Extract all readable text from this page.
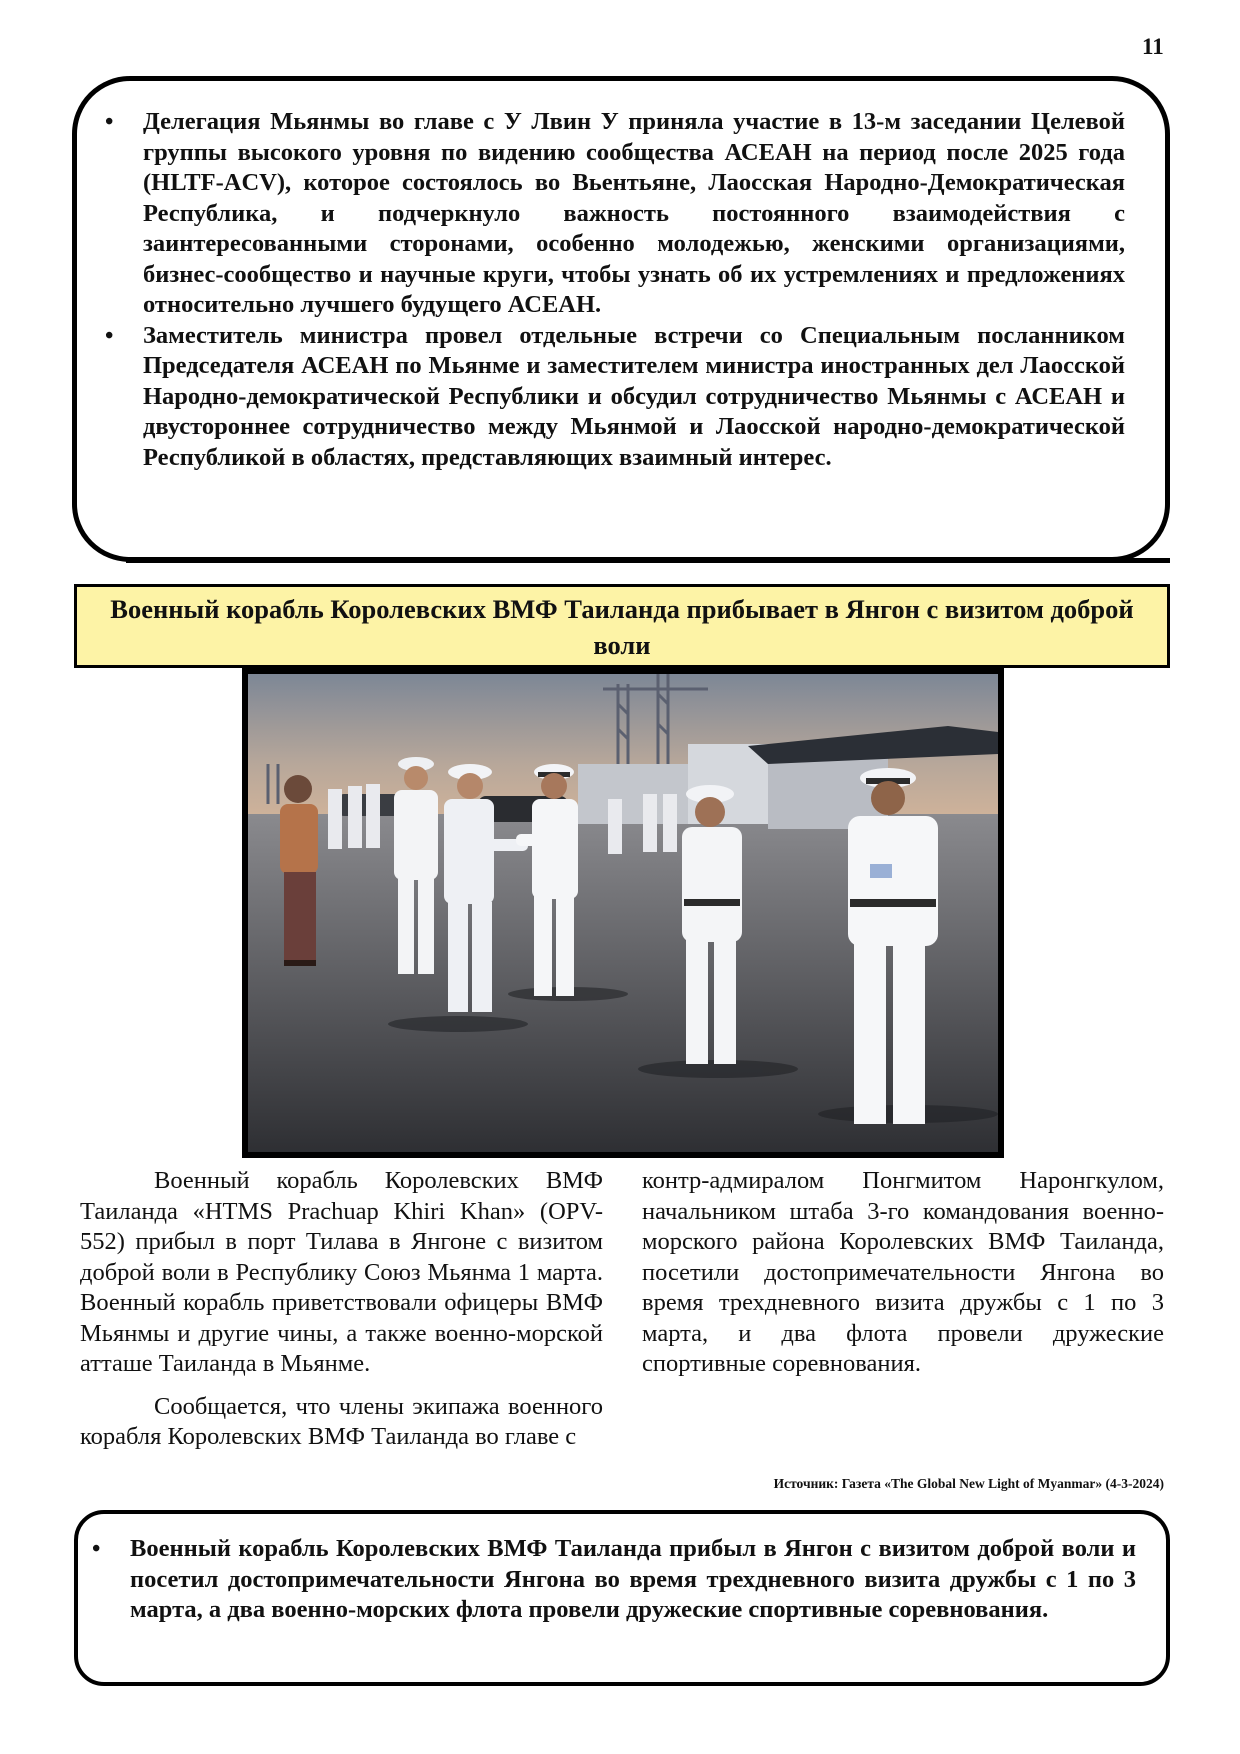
11
• Делегация Мьянмы во главе с У Лвин У приняла участие в 13-м заседании Целевой группы высокого уровня по видению сообщества АСЕАН на период после 2025 года (HLTF-ACV), которое состоялось во Вьентьяне, Лаосская Народно-Демократическая Республика, и подчеркнуло важность постоянного взаимодействия с заинтересованными сторонами, особенно молодежью, женскими организациями, бизнес-сообщество и научные круги, чтобы узнать об их устремлениях и предложениях относительно лучшего будущего АСЕАН.
• Заместитель министра провел отдельные встречи со Специальным посланником Председателя АСЕАН по Мьянме и заместителем министра иностранных дел Лаосской Народно-демократической Республики и обсудил сотрудничество Мьянмы с АСЕАН и двустороннее сотрудничество между Мьянмой и Лаосской народно-демократической Республикой в областях, представляющих взаимный интерес.
Военный корабль Королевских ВМФ Таиланда прибывает в Янгон с визитом доброй воли

Военный корабль Королевских ВМФ Таиланда «HTMS Prachuap Khiri Khan» (OPV-552) прибыл в порт Тилава в Янгоне с визитом доброй воли в Республику Союз Мьянма 1 марта. Военный корабль приветствовали офицеры ВМФ Мьянмы и другие чины, а также военно-морской атташе Таиланда в Мьянме.

Сообщается, что члены экипажа военного корабля Королевских ВМФ Таиланда во главе с

контр-адмиралом Понгмитом Наронгкулом, начальником штаба 3-го командования военно-морского района Королевских ВМФ Таиланда, посетили достопримечательности Янгона во время трехдневного визита дружбы с 1 по 3 марта, и два флота провели дружеские спортивные соревнования.

Источник: Газета «The Global New Light of Myanmar» (4-3-2024)
• Военный корабль Королевских ВМФ Таиланда прибыл в Янгон с визитом доброй воли и посетил достопримечательности Янгона во время трехдневного визита дружбы с 1 по 3 марта, а два военно-морских флота провели дружеские спортивные соревнования.
